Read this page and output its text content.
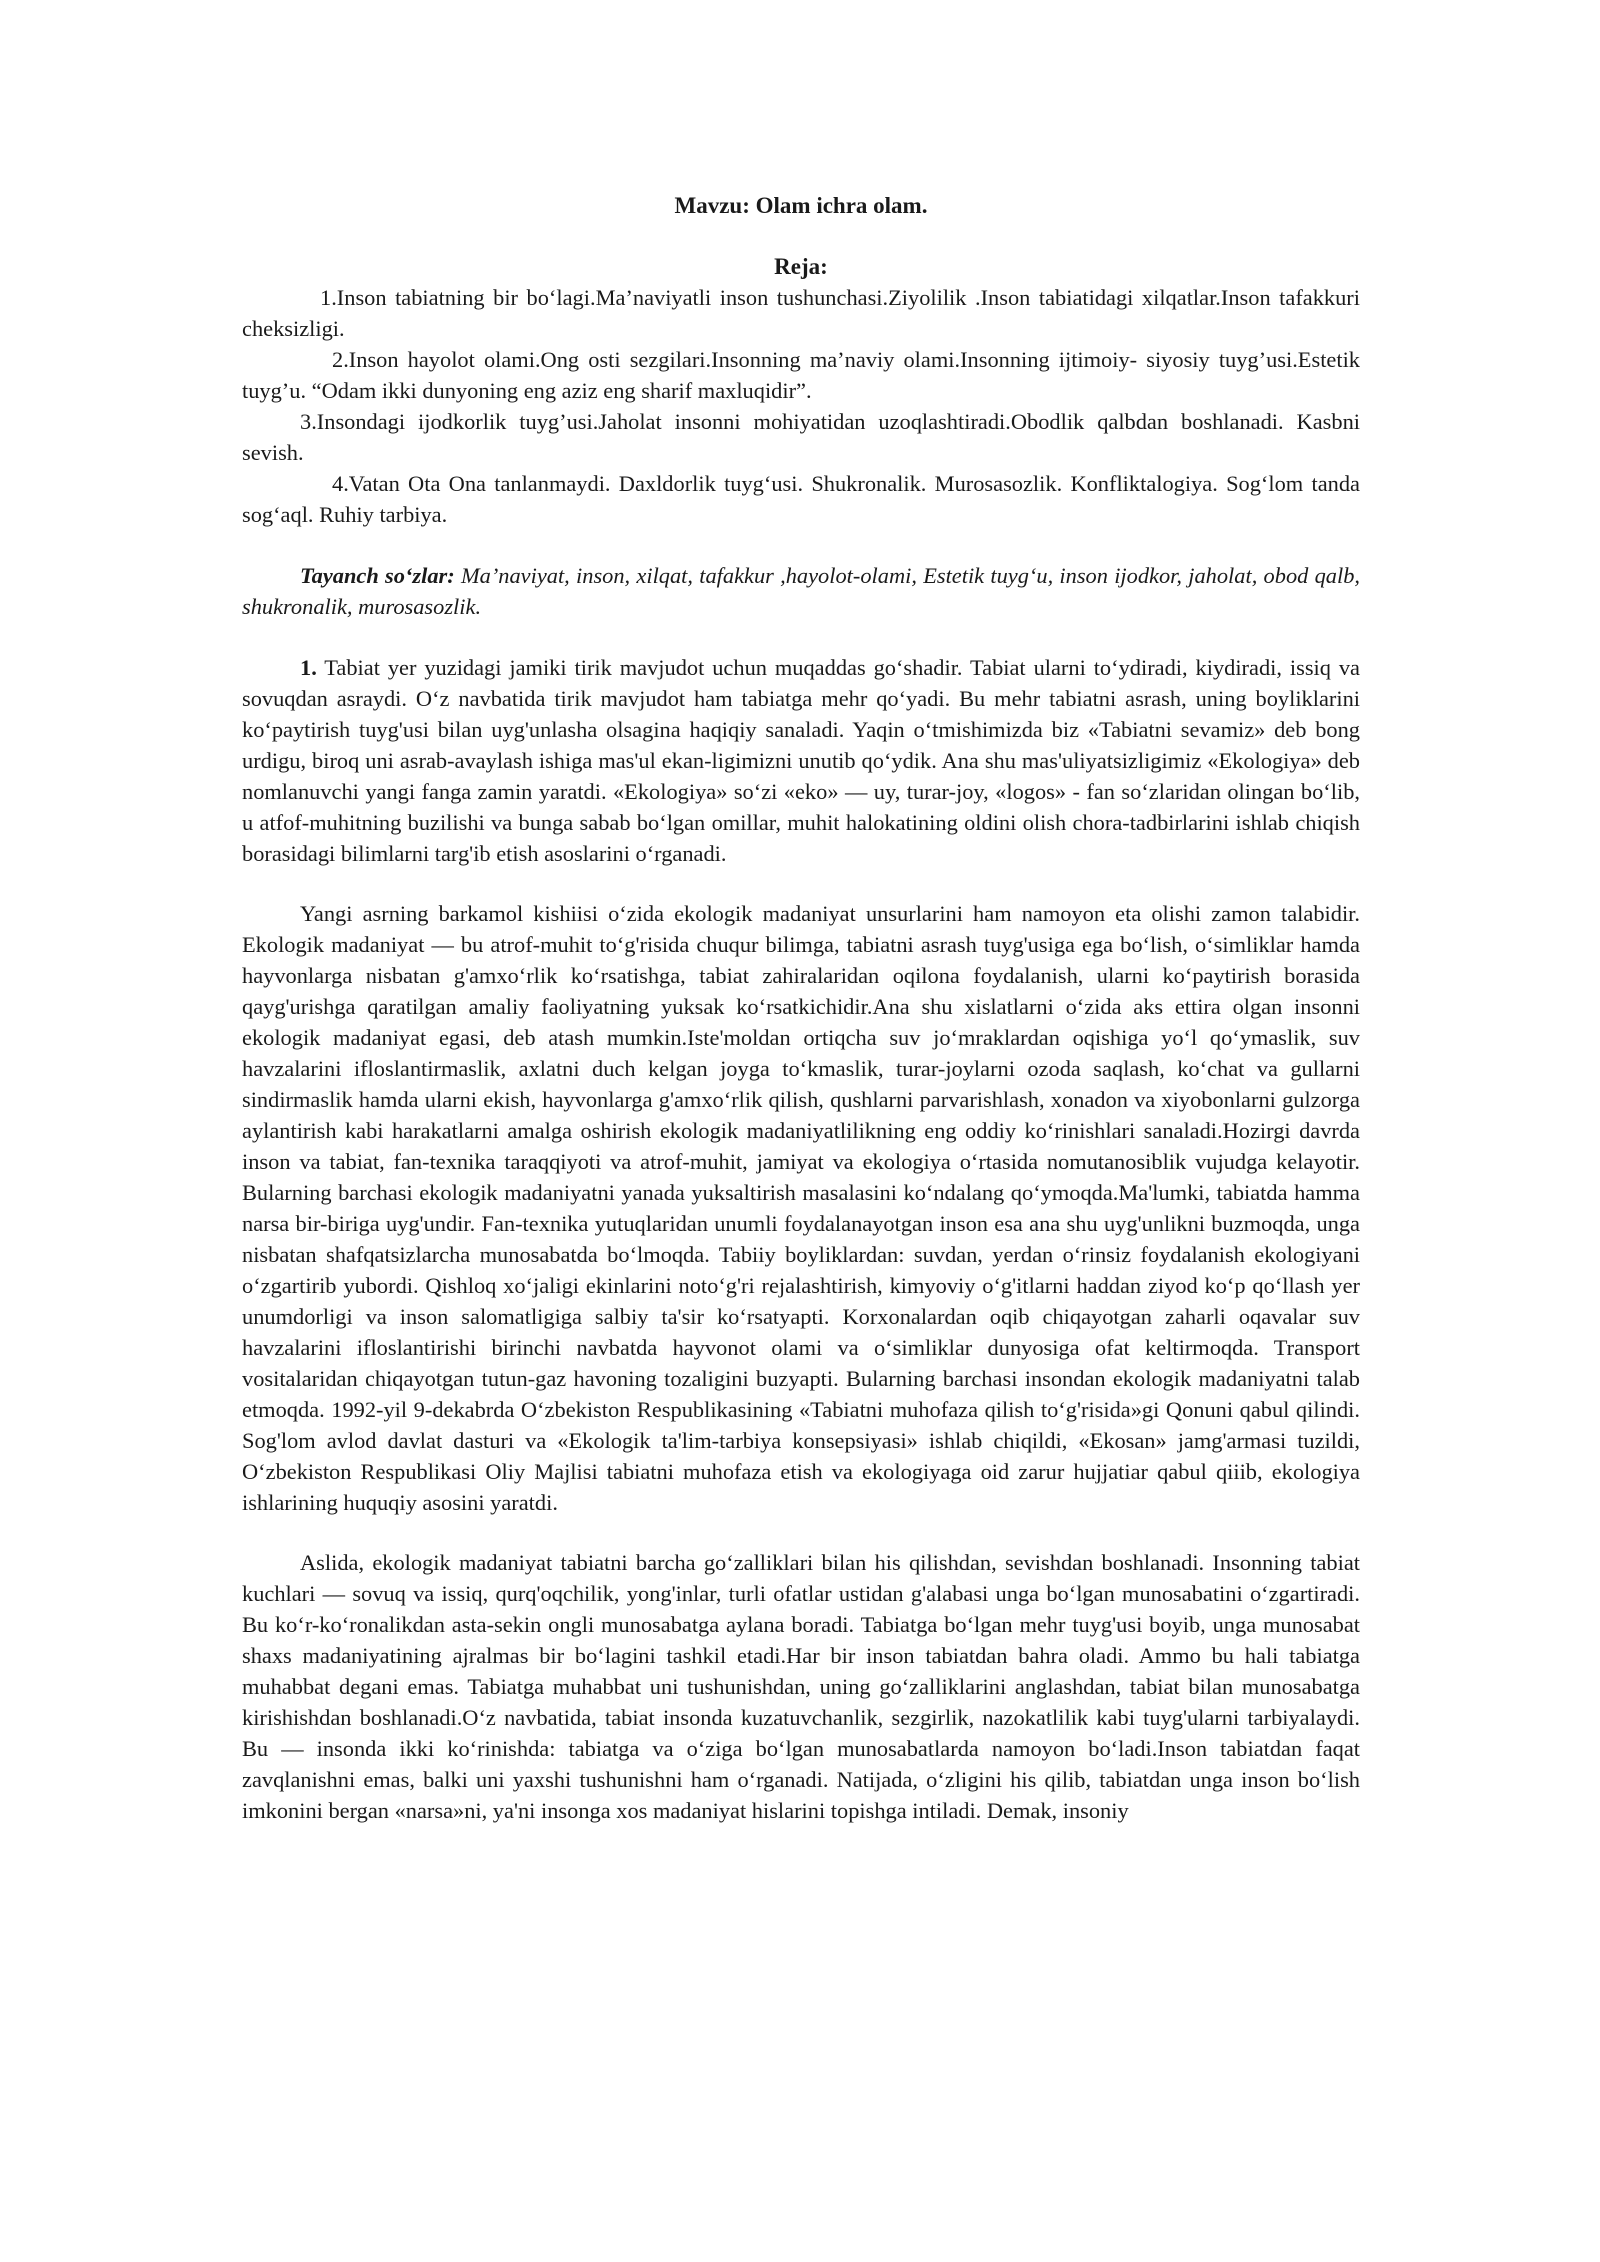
Mavzu: Olam ichra olam.
Reja:

1.Inson tabiatning bir bo‘lagi.Ma’naviyatli inson tushunchasi.Ziyolilik .Inson tabiatidagi xilqatlar.Inson tafakkuri cheksizligi.

2.Inson hayolot olami.Ong osti sezgilari.Insonning ma’naviy olami.Insonning ijtimoiy- siyosiy tuyg’usi.Estetik tuyg’u. “Odam ikki dunyoning eng aziz eng sharif maxluqidir”.

3.Insondagi ijodkorlik tuyg’usi.Jaholat insonni mohiyatidan uzoqlashtiradi.Obodlik qalbdan boshlanadi. Kasbni sevish.

4.Vatan Ota Ona tanlanmaydi. Daxldorlik tuyg‘usi. Shukronalik. Murosasozlik. Konfliktalogiya. Sog‘lom tanda sog‘aql. Ruhiy tarbiya.

Tayanch so‘zlar: Ma’naviyat, inson, xilqat, tafakkur ,hayolot-olami, Estetik tuyg‘u, inson ijodkor, jaholat, obod qalb, shukronalik, murosasozlik.

1. Tabiat yer yuzidagi jamiki tirik mavjudot uchun muqaddas go‘shadir. Tabiat ularni to‘ydiradi, kiydiradi, issiq va sovuqdan asraydi. O‘z navbatida tirik mavjudot ham tabiatga mehr qo‘yadi. Bu mehr tabiatni asrash, uning boyliklarini ko‘paytirish tuyg'usi bilan uyg'unlasha olsagina haqiqiy sanaladi. Yaqin o‘tmishimizda biz «Tabiatni sevamiz» deb bong urdigu, biroq uni asrab-avaylash ishiga mas'ul ekan-ligimizni unutib qo‘ydik. Ana shu mas'uliyatsizligimiz «Ekologiya» deb nomlanuvchi yangi fanga zamin yaratdi. «Ekologiya» so‘zi «eko» — uy, turar-joy, «logos» - fan so‘zlaridan olingan bo‘lib, u atfof-muhitning buzilishi va bunga sabab bo‘lgan omillar, muhit halokatining oldini olish chora-tadbirlarini ishlab chiqish borasidagi bilimlarni targ'ib etish asoslarini o‘rganadi.

Yangi asrning barkamol kishiisi o‘zida ekologik madaniyat unsurlarini ham namoyon eta olishi zamon talabidir. Ekologik madaniyat — bu atrof-muhit to‘g'risida chuqur bilimga, tabiatni asrash tuyg'usiga ega bo‘lish, o‘simliklar hamda hayvonlarga nisbatan g'amxo‘rlik ko‘rsatishga, tabiat zahiralaridan oqilona foydalanish, ularni ko‘paytirish borasida qayg'urishga qaratilgan amaliy faoliyatning yuksak ko‘rsatkichidir.Ana shu xislatlarni o‘zida aks ettira olgan insonni ekologik madaniyat egasi, deb atash mumkin.Iste'moldan ortiqcha suv jo‘mraklardan oqishiga yo‘l qo‘ymaslik, suv havzalarini ifloslantirmaslik, axlatni duch kelgan joyga to‘kmaslik, turar-joylarni ozoda saqlash, ko‘chat va gullarni sindirmaslik hamda ularni ekish, hayvonlarga g'amxo‘rlik qilish, qushlarni parvarishlash, xonadon va xiyobonlarni gulzorga aylantirish kabi harakatlarni amalga oshirish ekologik madaniyatlilikning eng oddiy ko‘rinishlari sanaladi.Hozirgi davrda inson va tabiat, fan-texnika taraqqiyoti va atrof-muhit, jamiyat va ekologiya o‘rtasida nomutanosiblik vujudga kelayotir. Bularning barchasi ekologik madaniyatni yanada yuksaltirish masalasini ko‘ndalang qo‘ymoqda.Ma'lumki, tabiatda hamma narsa bir-biriga uyg'undir. Fan-texnika yutuqlaridan unumli foydalanayotgan inson esa ana shu uyg'unlikni buzmoqda, unga nisbatan shafqatsizlarcha munosabatda bo‘lmoqda. Tabiiy boyliklardan: suvdan, yerdan o‘rinsiz foydalanish ekologiyani o‘zgartirib yubordi. Qishloq xo‘jaligi ekinlarini noto‘g'ri rejalashtirish, kimyoviy o‘g'itlarni haddan ziyod ko‘p qo‘llash yer unumdorligi va inson salomatligiga salbiy ta'sir ko‘rsatyapti. Korxonalardan oqib chiqayotgan zaharli oqavalar suv havzalarini ifloslantirishi birinchi navbatda hayvonot olami va o‘simliklar dunyosiga ofat keltirmoqda. Transport vositalaridan chiqayotgan tutun-gaz havoning tozaligini buzyapti. Bularning barchasi insondan ekologik madaniyatni talab etmoqda. 1992-yil 9-dekabrda O‘zbekiston Respublikasining «Tabiatni muhofaza qilish to‘g'risida»gi Qonuni qabul qilindi. Sog'lom avlod davlat dasturi va «Ekologik ta'lim-tarbiya konsepsiyasi» ishlab chiqildi, «Ekosan» jamg'armasi tuzildi, O‘zbekiston Respublikasi Oliy Majlisi tabiatni muhofaza etish va ekologiyaga oid zarur hujjatiar qabul qiiib, ekologiya ishlarining huquqiy asosini yaratdi.

Aslida, ekologik madaniyat tabiatni barcha go‘zalliklari bilan his qilishdan, sevishdan boshlanadi. Insonning tabiat kuchlari — sovuq va issiq, qurq'oqchilik, yong'inlar, turli ofatlar ustidan g'alabasi unga bo‘lgan munosabatini o‘zgartiradi. Bu ko‘r-ko‘ronalikdan asta-sekin ongli munosabatga aylana boradi. Tabiatga bo‘lgan mehr tuyg'usi boyib, unga munosabat shaxs madaniyatining ajralmas bir bo‘lagini tashkil etadi.Har bir inson tabiatdan bahra oladi. Ammo bu hali tabiatga muhabbat degani emas. Tabiatga muhabbat uni tushunishdan, uning go‘zalliklarini anglashdan, tabiat bilan munosabatga kirishishdan boshlanadi.O‘z navbatida, tabiat insonda kuzatuvchanlik, sezgirlik, nazokatlilik kabi tuyg'ularni tarbiyalaydi. Bu — insonda ikki ko‘rinishda: tabiatga va o‘ziga bo‘lgan munosabatlarda namoyon bo‘ladi.Inson tabiatdan faqat zavqlanishni emas, balki uni yaxshi tushunishni ham o‘rganadi. Natijada, o‘zligini his qilib, tabiatdan unga inson bo‘lish imkonini bergan «narsa»ni, ya'ni insonga xos madaniyat hislarini topishga intiladi. Demak, insoniy
